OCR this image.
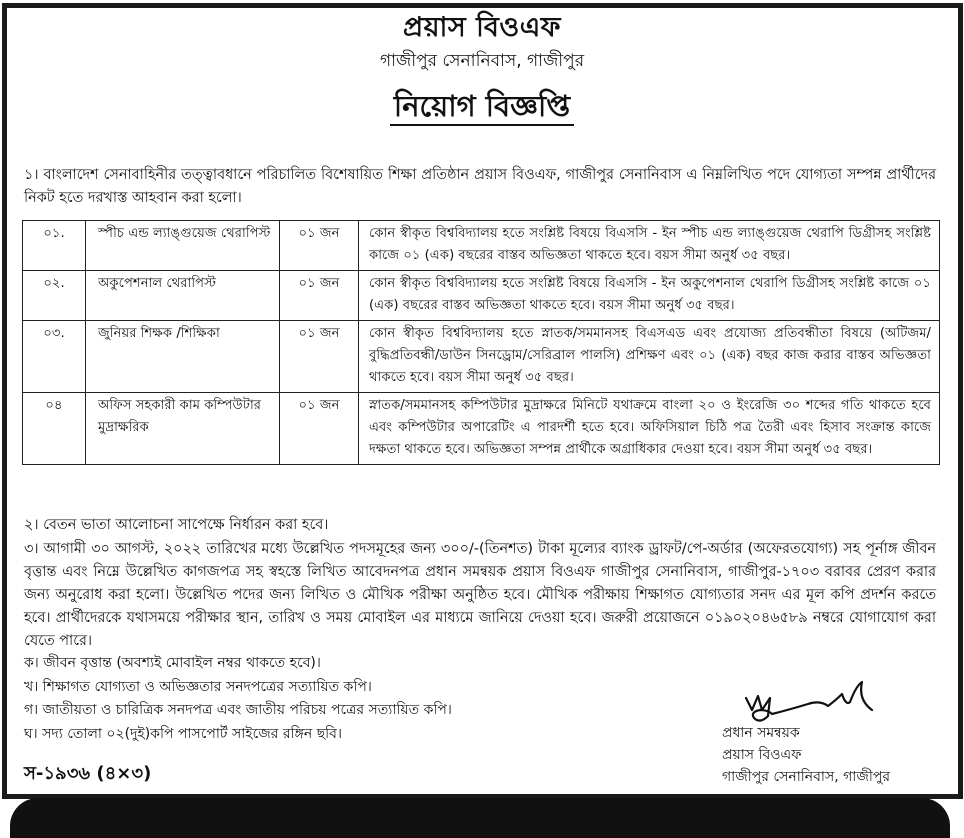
প্রয়াস বিওএফ
গাজীপুর সেনানিবাস, গাজীপুর
নিয়োগ বিজ্ঞপ্তি
১। বাংলাদেশ সেনাবাহিনীর তত্ত্বাবধানে পরিচালিত বিশেষায়িত শিক্ষা প্রতিষ্ঠান প্রয়াস বিওএফ, গাজীপুর সেনানিবাস এ নিম্নলিখিত পদে যোগ্যতা সম্পন্ন প্রার্থীদের নিকট হতে দরখাস্ত আহবান করা হলো।
০১.	স্পীচ এন্ড ল্যাঙ্গুয়েজ থেরাপিস্ট	০১ জন	কোন স্বীকৃত বিশ্ববিদ্যালয় হতে সংশ্লিষ্ট বিষয়ে বিএসসি - ইন স্পীচ এন্ড ল্যাঙ্গুয়েজ থেরাপি ডিগ্রীসহ সংশ্লিষ্ট কাজে ০১ (এক) বছরের বাস্তব অভিজ্ঞতা থাকতে হবে। বয়স সীমা অনুর্ধ ৩৫ বছর।
০২.	অকুপেশনাল থেরাপিস্ট	০১ জন	কোন স্বীকৃত বিশ্ববিদ্যালয় হতে সংশ্লিষ্ট বিষয়ে বিএসসি - ইন অকুপেশনাল থেরাপি ডিগ্রীসহ সংশ্লিষ্ট কাজে ০১ (এক) বছরের বাস্তব অভিজ্ঞতা থাকতে হবে। বয়স সীমা অনুর্ধ ৩৫ বছর।
০৩.	জুনিয়র শিক্ষক /শিক্ষিকা	০১ জন	কোন স্বীকৃত বিশ্ববিদ্যালয় হতে স্নাতক/সমমানসহ বিএসএড এবং প্রযোজ্য প্রতিবন্ধীতা বিষয়ে (অটিজম/ বুদ্ধিপ্রতিবন্ধী/ডাউন সিনড্রোম/সেরিব্রাল পালসি) প্রশিক্ষণ এবং ০১ (এক) বছর কাজ করার বাস্তব অভিজ্ঞতা থাকতে হবে। বয়স সীমা অনুর্ধ ৩৫ বছর।
০৪	অফিস সহকারী কাম কম্পিউটার মুদ্রাক্ষরিক	০১ জন	স্নাতক/সমমানসহ কম্পিউটার মুদ্রাক্ষরে মিনিটে যথাক্রমে বাংলা ২০ ও ইংরেজি ৩০ শব্দের গতি থাকতে হবে এবং কম্পিউটার অপারেটিং এ পারদর্শী হতে হবে। অফিসিয়াল চিঠি পত্র তৈরী এবং হিসাব সংক্রান্ত কাজে দক্ষতা থাকতে হবে। অভিজ্ঞতা সম্পন্ন প্রার্থীকে অগ্রাধিকার দেওয়া হবে। বয়স সীমা অনুর্ধ ৩৫ বছর।
২। বেতন ভাতা আলোচনা সাপেক্ষে নির্ধারন করা হবে।
৩। আগামী ৩০ আগস্ট, ২০২২ তারিখের মধ্যে উল্লেখিত পদসমূহের জন্য ৩০০/-(তিনশত) টাকা মূল্যের ব্যাংক ড্রাফট/পে-অর্ডার (অফেরতযোগ্য) সহ পূর্নাঙ্গ জীবন বৃত্তান্ত এবং নিম্নে উল্লেখিত কাগজপত্র সহ স্বহস্তে লিখিত আবেদনপত্র প্রধান সমন্বয়ক প্রয়াস বিওএফ গাজীপুর সেনানিবাস, গাজীপুর-১৭০৩ বরাবর প্রেরণ করার জন্য অনুরোধ করা হলো। উল্লেখিত পদের জন্য লিখিত ও মৌখিক পরীক্ষা অনুষ্ঠিত হবে। মৌখিক পরীক্ষায় শিক্ষাগত যোগ্যতার সনদ এর মূল কপি প্রদর্শন করতে হবে। প্রার্থীদেরকে যথাসময়ে পরীক্ষার স্থান, তারিখ ও সময় মোবাইল এর মাধ্যমে জানিয়ে দেওয়া হবে। জরুরী প্রয়োজনে ০১৯০২০৪৬৫৮৯ নম্বরে যোগাযোগ করা যেতে পারে।
ক। জীবন বৃত্তান্ত (অবশ্যই মোবাইল নম্বর থাকতে হবে)।
খ। শিক্ষাগত যোগ্যতা ও অভিজ্ঞতার সনদপত্রের সত্যায়িত কপি।
গ। জাতীয়তা ও চারিত্রিক সনদপত্র এবং জাতীয় পরিচয় পত্রের সত্যায়িত কপি।
ঘ। সদ্য তোলা ০২(দুই)কপি পাসপোর্ট সাইজের রঙ্গিন ছবি।	প্রধান সমন্বয়ক
প্রয়াস বিওএফ
গাজীপুর সেনানিবাস, গাজীপুর
স-১৯৩৬ (৪×৩)
